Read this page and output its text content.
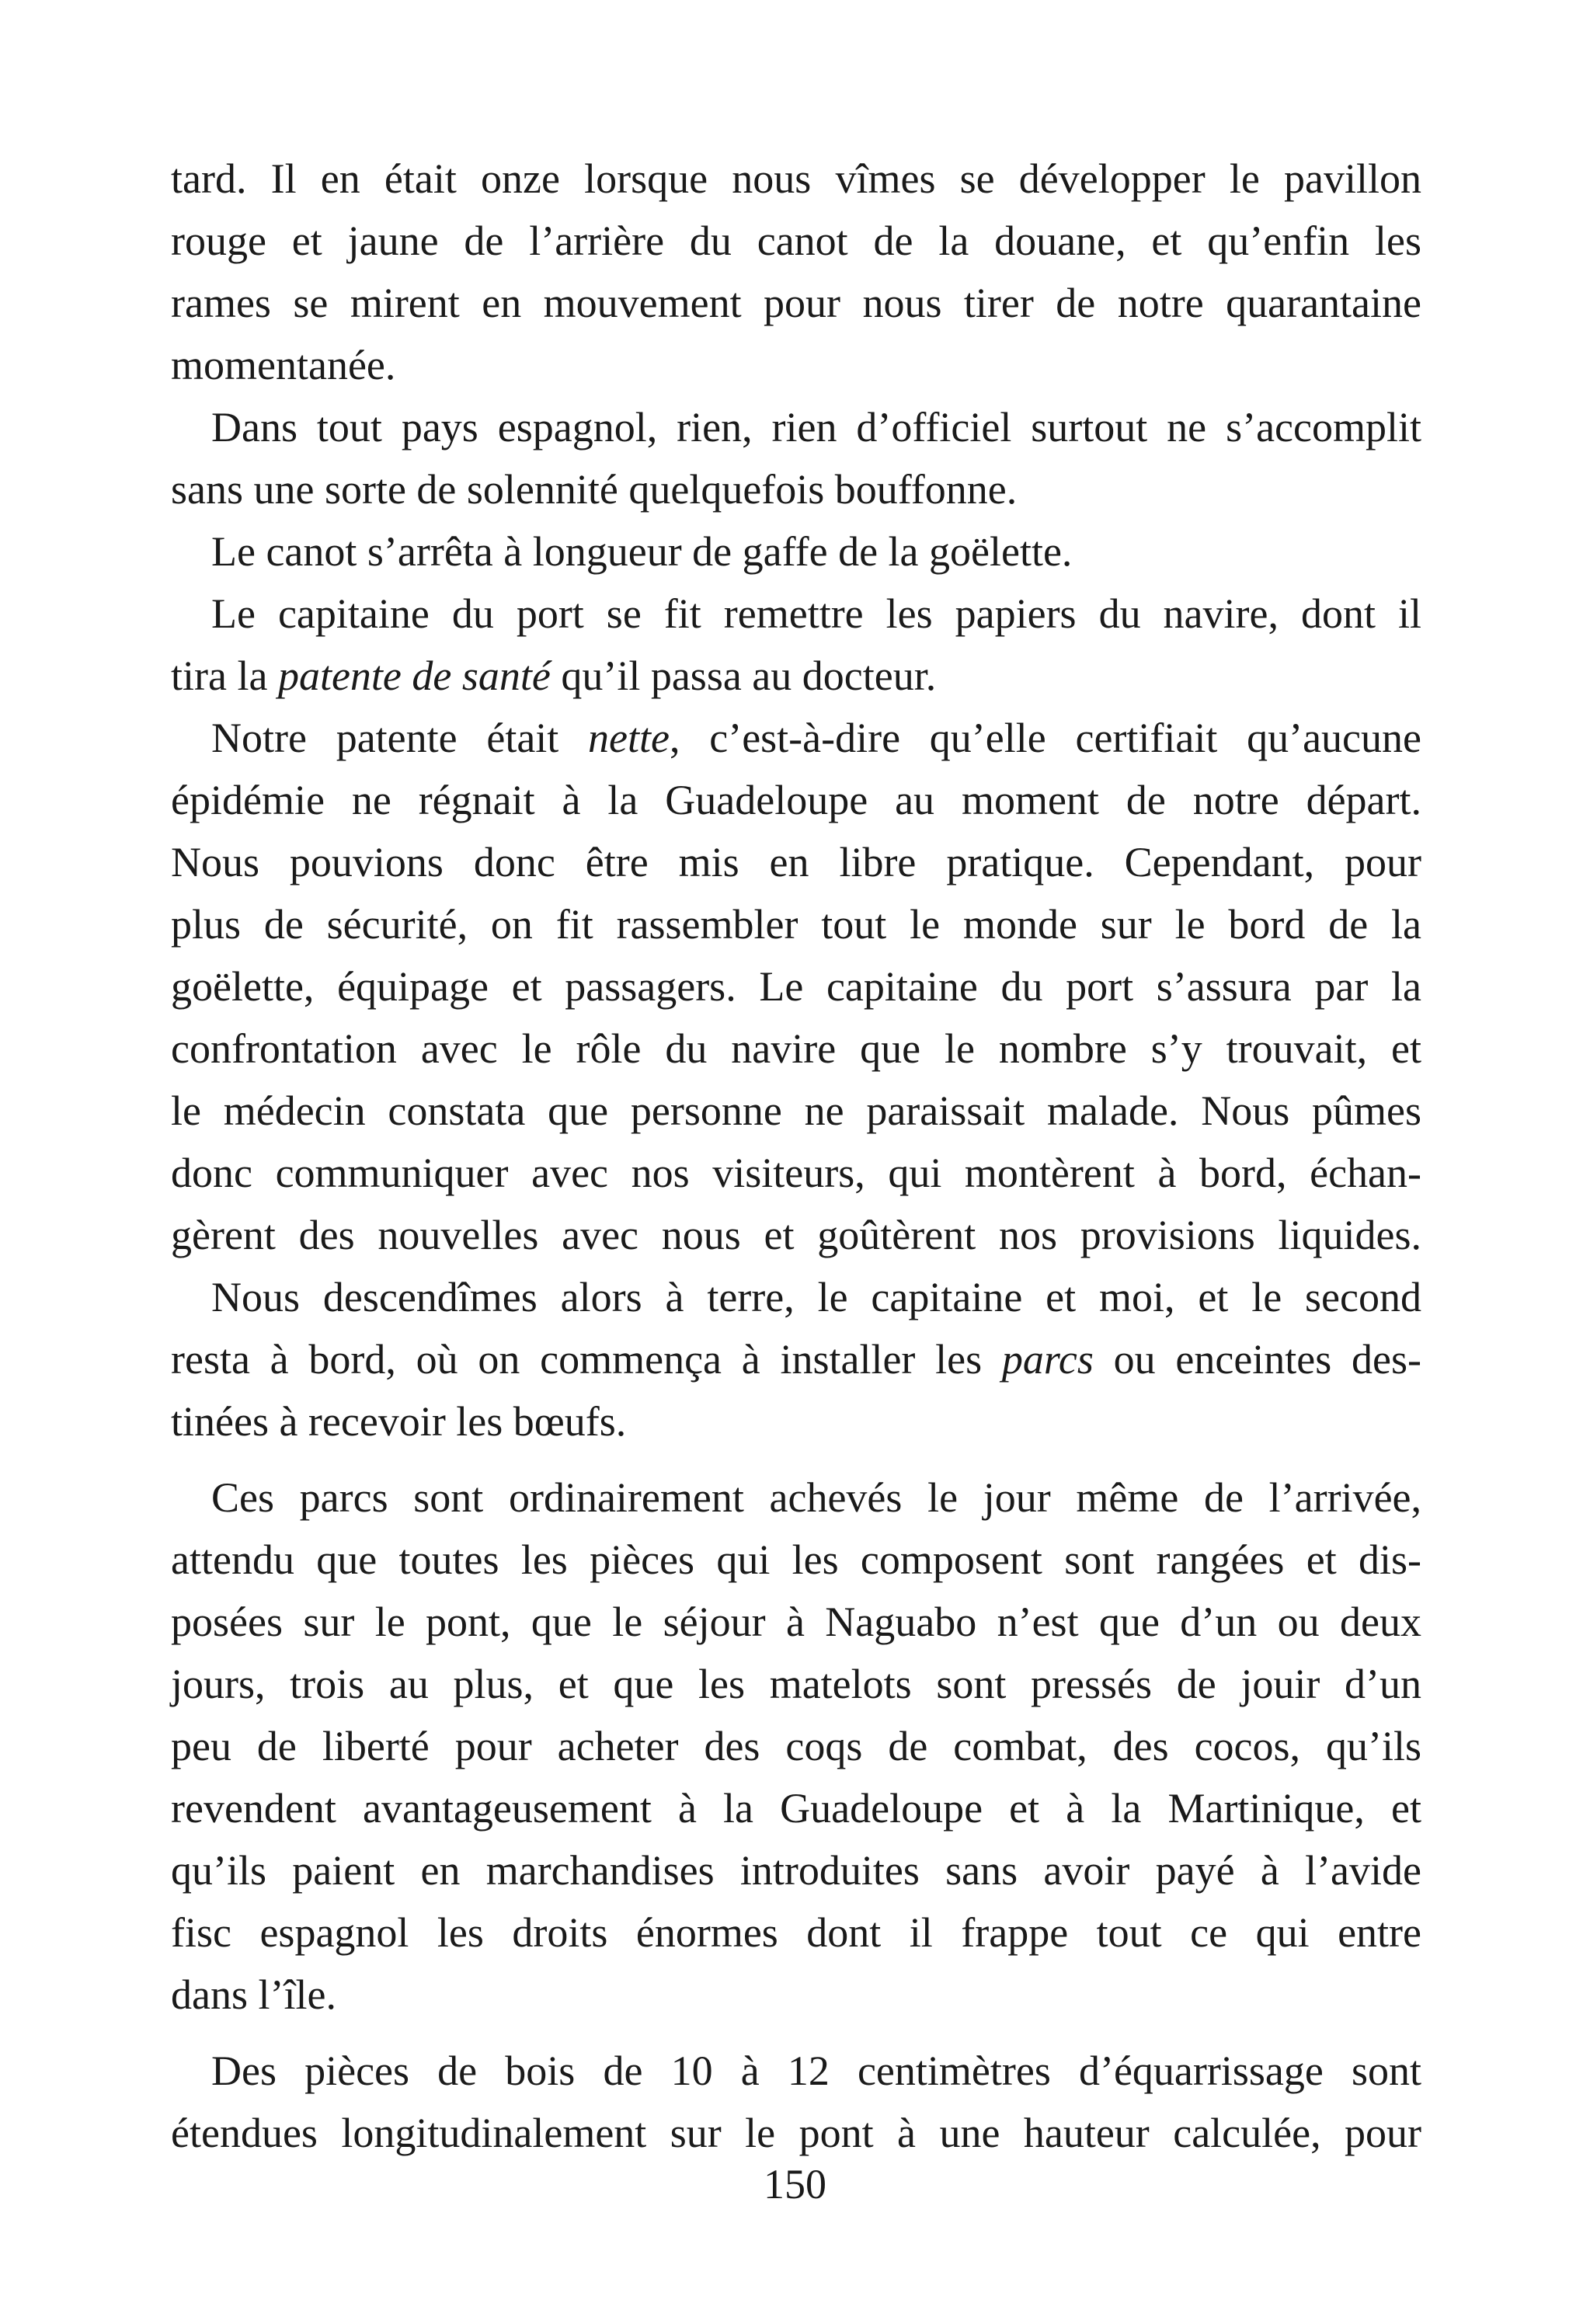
tard. Il en était onze lorsque nous vîmes se développer le pavillon
rouge et jaune de l’arrière du canot de la douane, et qu’enfin les
rames se mirent en mouvement pour nous tirer de notre quarantaine
momentanée.
Dans tout pays espagnol, rien, rien d’officiel surtout ne s’accomplit
sans une sorte de solennité quelquefois bouffonne.
Le canot s’arrêta à longueur de gaffe de la goëlette.
Le capitaine du port se fit remettre les papiers du navire, dont il
tira la patente de santé qu’il passa au docteur.
Notre patente était nette, c’est-à-dire qu’elle certifiait qu’aucune
épidémie ne régnait à la Guadeloupe au moment de notre départ.
Nous pouvions donc être mis en libre pratique. Cependant, pour
plus de sécurité, on fit rassembler tout le monde sur le bord de la
goëlette, équipage et passagers. Le capitaine du port s’assura par la
confrontation avec le rôle du navire que le nombre s’y trouvait, et
le médecin constata que personne ne paraissait malade. Nous pûmes
donc communiquer avec nos visiteurs, qui montèrent à bord, échan-
gèrent des nouvelles avec nous et goûtèrent nos provisions liquides.
Nous descendîmes alors à terre, le capitaine et moi, et le second
resta à bord, où on commença à installer les parcs ou enceintes des-
tinées à recevoir les bœufs.
Ces parcs sont ordinairement achevés le jour même de l’arrivée,
attendu que toutes les pièces qui les composent sont rangées et dis-
posées sur le pont, que le séjour à Naguabo n’est que d’un ou deux
jours, trois au plus, et que les matelots sont pressés de jouir d’un
peu de liberté pour acheter des coqs de combat, des cocos, qu’ils
revendent avantageusement à la Guadeloupe et à la Martinique, et
qu’ils paient en marchandises introduites sans avoir payé à l’avide
fisc espagnol les droits énormes dont il frappe tout ce qui entre
dans l’île.
Des pièces de bois de 10 à 12 centimètres d’équarrissage sont
étendues longitudinalement sur le pont à une hauteur calculée, pour
150
